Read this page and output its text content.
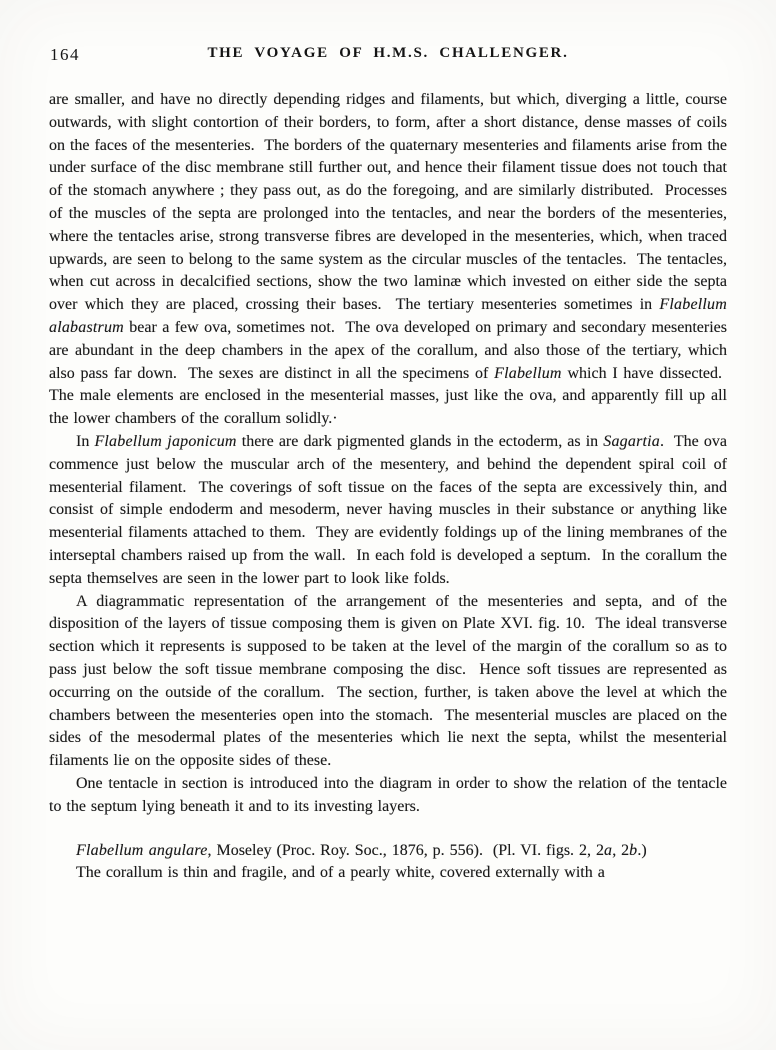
164	THE VOYAGE OF H.M.S. CHALLENGER.

are smaller, and have no directly depending ridges and filaments, but which, diverging a little, course outwards, with slight contortion of their borders, to form, after a short distance, dense masses of coils on the faces of the mesenteries.  The borders of the quaternary mesenteries and filaments arise from the under surface of the disc membrane still further out, and hence their filament tissue does not touch that of the stomach anywhere ; they pass out, as do the foregoing, and are similarly distributed.  Processes of the muscles of the septa are prolonged into the tentacles, and near the borders of the mesenteries, where the tentacles arise, strong transverse fibres are developed in the mesenteries, which, when traced upwards, are seen to belong to the same system as the circular muscles of the tentacles.  The tentacles, when cut across in decalcified sections, show the two laminæ which invested on either side the septa over which they are placed, crossing their bases.  The tertiary mesenteries sometimes in Flabellum alabastrum bear a few ova, sometimes not.  The ova developed on primary and secondary mesenteries are abundant in the deep chambers in the apex of the corallum, and also those of the tertiary, which also pass far down.  The sexes are distinct in all the specimens of Flabellum which I have dissected.  The male elements are enclosed in the mesenterial masses, just like the ova, and apparently fill up all the lower chambers of the corallum solidly.·

In Flabellum japonicum there are dark pigmented glands in the ectoderm, as in Sagartia.  The ova commence just below the muscular arch of the mesentery, and behind the dependent spiral coil of mesenterial filament.  The coverings of soft tissue on the faces of the septa are excessively thin, and consist of simple endoderm and mesoderm, never having muscles in their substance or anything like mesenterial filaments attached to them.  They are evidently foldings up of the lining membranes of the interseptal chambers raised up from the wall.  In each fold is developed a septum.  In the corallum the septa themselves are seen in the lower part to look like folds.

A diagrammatic representation of the arrangement of the mesenteries and septa, and of the disposition of the layers of tissue composing them is given on Plate XVI. fig. 10.  The ideal transverse section which it represents is supposed to be taken at the level of the margin of the corallum so as to pass just below the soft tissue membrane composing the disc.  Hence soft tissues are represented as occurring on the outside of the corallum.  The section, further, is taken above the level at which the chambers between the mesenteries open into the stomach.  The mesenterial muscles are placed on the sides of the mesodermal plates of the mesenteries which lie next the septa, whilst the mesenterial filaments lie on the opposite sides of these.

One tentacle in section is introduced into the diagram in order to show the relation of the tentacle to the septum lying beneath it and to its investing layers.

Flabellum angulare, Moseley (Proc. Roy. Soc., 1876, p. 556).  (Pl. VI. figs. 2, 2a, 2b.)

The corallum is thin and fragile, and of a pearly white, covered externally with a
